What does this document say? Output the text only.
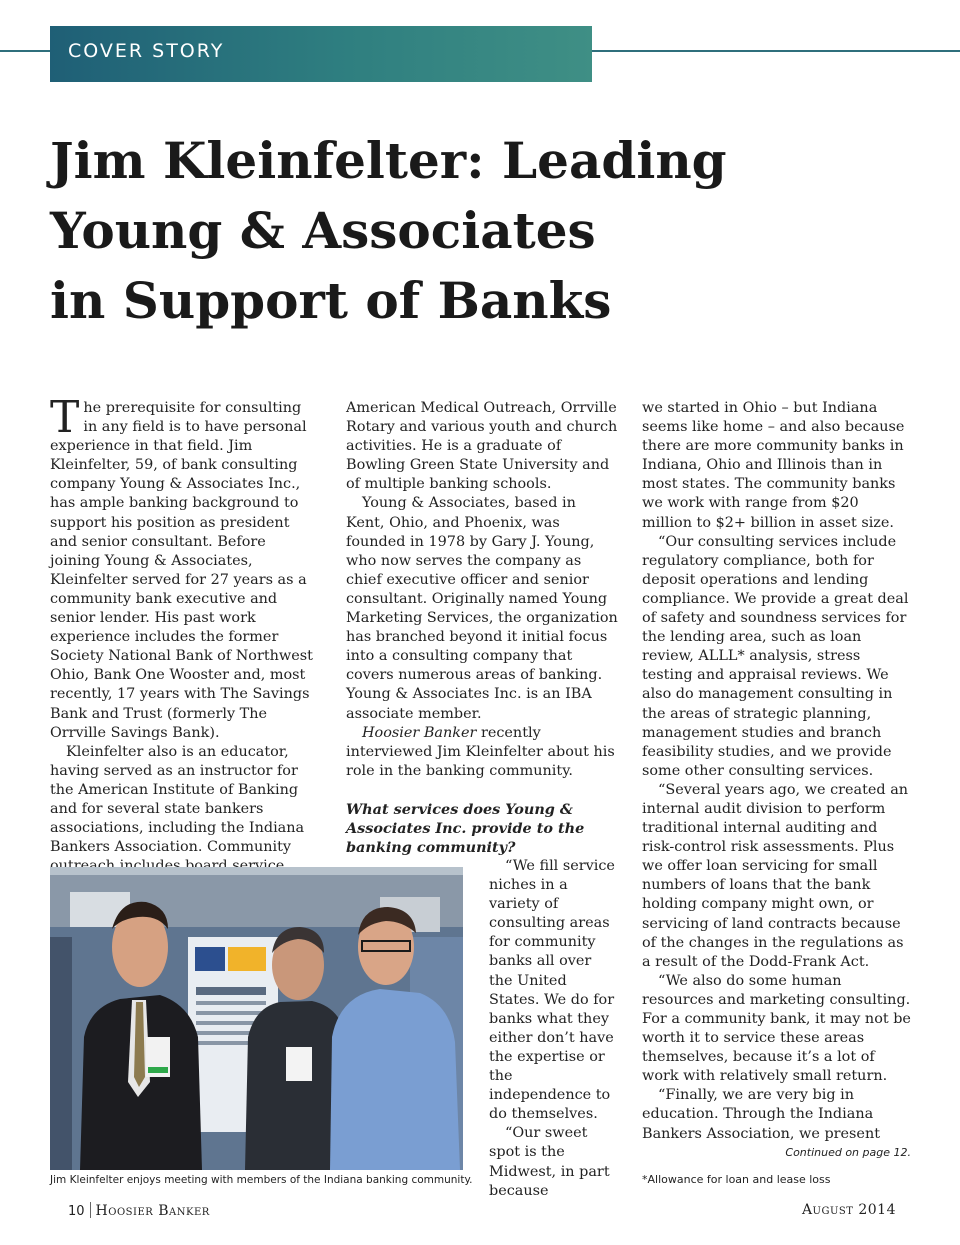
COVER STORY
Jim Kleinfelter: Leading
Young & Associates
in Support of Banks

The prerequisite for consulting in any field is to have personal experience in that field. Jim Kleinfelter, 59, of bank consulting company Young & Associates Inc., has ample banking background to support his position as president and senior consultant. Before joining Young & Associates, Kleinfelter served for 27 years as a community bank executive and senior lender. His past work experience includes the former Society National Bank of Northwest Ohio, Bank One Wooster and, most recently, 17 years with The Savings Bank and Trust (formerly The Orrville Savings Bank).

Kleinfelter also is an educator, having served as an instructor for the American Institute of Banking and for several state bankers associations, including the Indiana Bankers Association. Community

American Medical Outreach, Orrville Rotary and various youth and church activities. He is a graduate of Bowling Green State University and of multiple banking schools.

Young & Associates, based in Kent, Ohio, and Phoenix, was founded in 1978 by Gary J. Young, who now serves the company as chief executive officer and senior consultant. Originally named Young Marketing Services, the organization has branched beyond it initial focus into a consulting company that covers numerous areas of banking. Young & Associates Inc. is an IBA associate member.

Hoosier Banker recently interviewed Jim Kleinfelter about his role in the banking community.

What services does Young & Associates Inc. provide to the banking community?

“We fill service niches in a variety of consulting areas for community banks all over the United States. We do for banks what they either don’t have the expertise or the independence to do themselves.

“Our sweet spot is the Midwest, in part because

we started in Ohio – but Indiana seems like home – and also because there are more community banks in Indiana, Ohio and Illinois than in most states. The community banks we work with range from $20 million to $2+ billion in asset size.

“Our consulting services include regulatory compliance, both for deposit operations and lending compliance. We provide a great deal of safety and soundness services for the lending area, such as loan review, ALLL* analysis, stress testing and appraisal reviews. We also do management consulting in the areas of strategic planning, management studies and branch feasibility studies, and we provide some other consulting services.

“Several years ago, we created an internal audit division to perform traditional internal auditing and risk-control risk assessments. Plus we offer loan servicing for small numbers of loans that the bank holding company might own, or servicing of land contracts because of the changes in the regulations as a result of the Dodd-Frank Act.

“We also do some human resources and marketing consulting. For a community bank, it may not be worth it to service these areas themselves, because it’s a lot of work with relatively small return.

“Finally, we are very big in education. Through the Indiana Bankers Association, we present

Jim Kleinfelter enjoys meeting with members of the Indiana banking community.
Continued on page 12.
*Allowance for loan and lease loss
10 Hoosier Banker	August 2014
